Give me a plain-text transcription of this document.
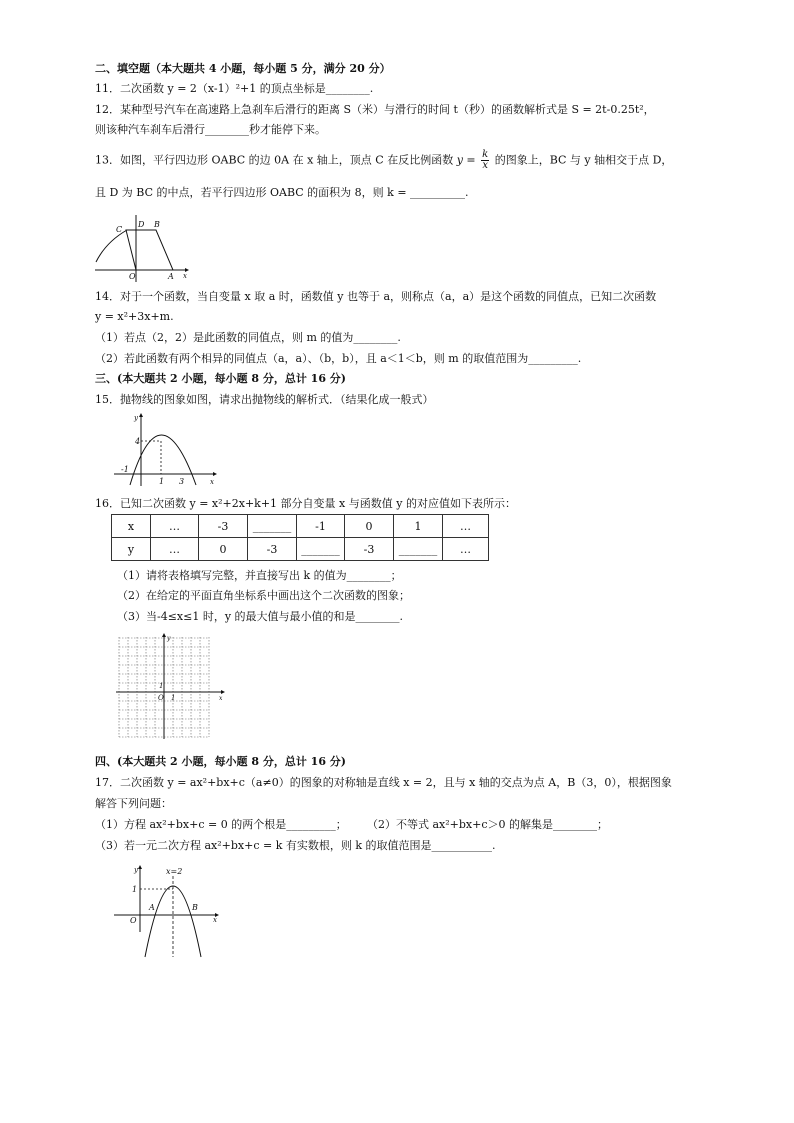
二、填空题（本大题共 4 小题，每小题 5 分，满分 20 分）
11．二次函数 y = 2（x-1）²+1 的顶点坐标是________.
12．某种型号汽车在高速路上急刹车后滑行的距离 S（米）与滑行的时间 t（秒）的函数解析式是 S = 2t-0.25t²，
则该种汽车刹车后滑行________秒才能停下来。
13．如图，平行四边形 OABC 的边 0A 在 x 轴上，顶点 C 在反比例函数 $y = \frac{k}{x}$ 的图象上，BC 与 y 轴相交于点 D，
且 D 为 BC 的中点，若平行四边形 OABC 的面积为 8，则 k = __________.
C
D B
O	A x
14．对于一个函数，当自变量 x 取 a 时，函数值 y 也等于 a，则称点（a，a）是这个函数的同值点，已知二次函数
y = x²+3x+m.
（1）若点（2，2）是此函数的同值点，则 m 的值为________.
（2）若此函数有两个相异的同值点（a，a）、（b，b），且 a＜1＜b，则 m 的取值范围为_________.
三、(本大题共 2 小题，每小题 8 分，总计 16 分)
15．抛物线的图象如图，请求出抛物线的解析式．（结果化成一般式）
y
4
-1
1 3	x
16．已知二次函数 y = x²+2x+k+1 部分自变量 x 与函数值 y 的对应值如下表所示：
x	…	-3	_______	-1	0	1	…
y	…	0	-3	_______	-3	_______	…
（1）请将表格填写完整，并直接写出 k 的值为________；
（2）在给定的平面直角坐标系中画出这个二次函数的图象；
（3）当-4≤x≤1 时，y 的最大值与最小值的和是________.
O 1
1
x
y
四、(本大题共 2 小题，每小题 8 分，总计 16 分)
17．二次函数 y = ax²+bx+c（a≠0）的图象的对称轴是直线 x = 2，且与 x 轴的交点为点 A，B（3，0），根据图象
解答下列问题：
（1）方程 ax²+bx+c = 0 的两个根是_________； （2）不等式 ax²+bx+c＞0 的解集是________；
（3）若一元二次方程 ax²+bx+c = k 有实数根，则 k 的取值范围是___________.
x=2
y
1
O
A	B
x
